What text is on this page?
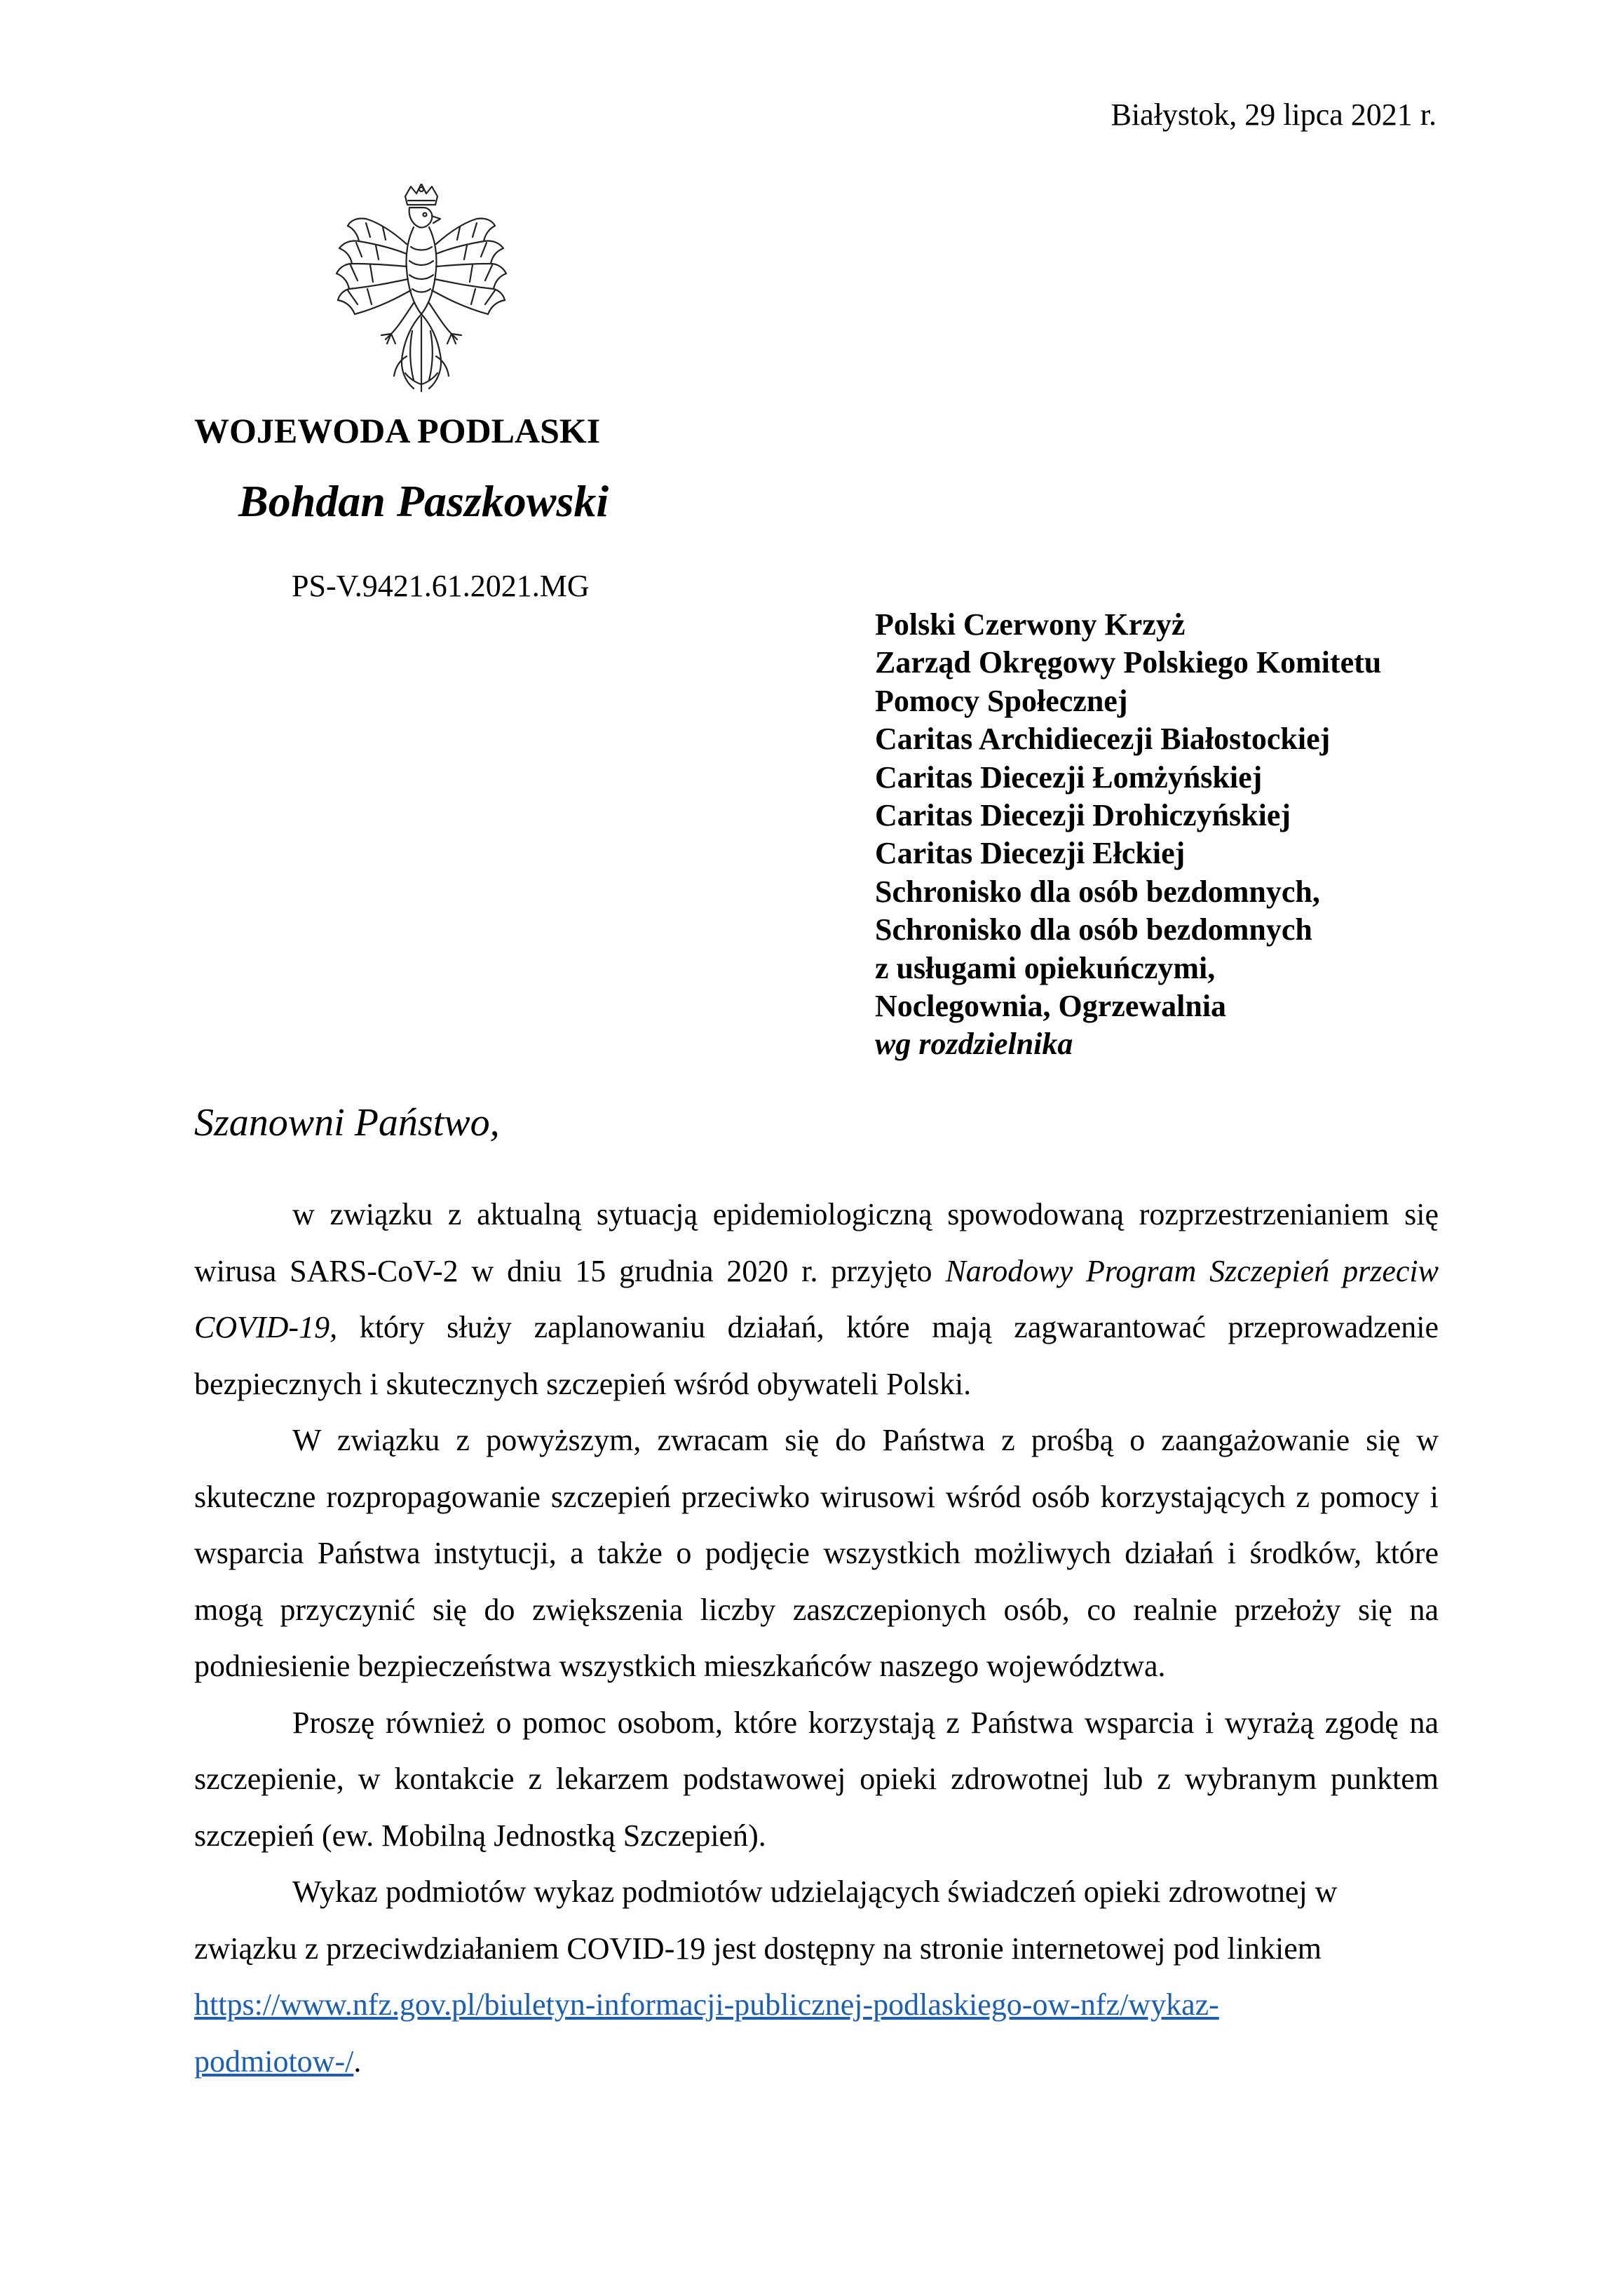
Białystok, 29 lipca 2021 r.
WOJEWODA PODLASKI
Bohdan Paszkowski
PS-V.9421.61.2021.MG
Polski Czerwony Krzyż
Zarząd Okręgowy Polskiego Komitetu
Pomocy Społecznej
Caritas Archidiecezji Białostockiej
Caritas Diecezji Łomżyńskiej
Caritas Diecezji Drohiczyńskiej
Caritas Diecezji Ełckiej
Schronisko dla osób bezdomnych,
Schronisko dla osób bezdomnych
z usługami opiekuńczymi,
Noclegownia, Ogrzewalnia
wg rozdzielnika
Szanowni Państwo,

w związku z aktualną sytuacją epidemiologiczną spowodowaną rozprzestrzenianiem się wirusa SARS-CoV-2 w dniu 15 grudnia 2020 r. przyjęto Narodowy Program Szczepień przeciw COVID-19, który służy zaplanowaniu działań, które mają zagwarantować przeprowadzenie bezpiecznych i skutecznych szczepień wśród obywateli Polski.

W związku z powyższym, zwracam się do Państwa z prośbą o zaangażowanie się w skuteczne rozpropagowanie szczepień przeciwko wirusowi wśród osób korzystających z pomocy i wsparcia Państwa instytucji, a także o podjęcie wszystkich możliwych działań i środków, które mogą przyczynić się do zwiększenia liczby zaszczepionych osób, co realnie przełoży się na podniesienie bezpieczeństwa wszystkich mieszkańców naszego województwa.

Proszę również o pomoc osobom, które korzystają z Państwa wsparcia i wyrażą zgodę na szczepienie, w kontakcie z lekarzem podstawowej opieki zdrowotnej lub z wybranym punktem szczepień (ew. Mobilną Jednostką Szczepień).

Wykaz podmiotów wykaz podmiotów udzielających świadczeń opieki zdrowotnej w związku z przeciwdziałaniem COVID-19 jest dostępny na stronie internetowej pod linkiem https://www.nfz.gov.pl/biuletyn-informacji-publicznej-podlaskiego-ow-nfz/wykaz-
podmiotow-/.
